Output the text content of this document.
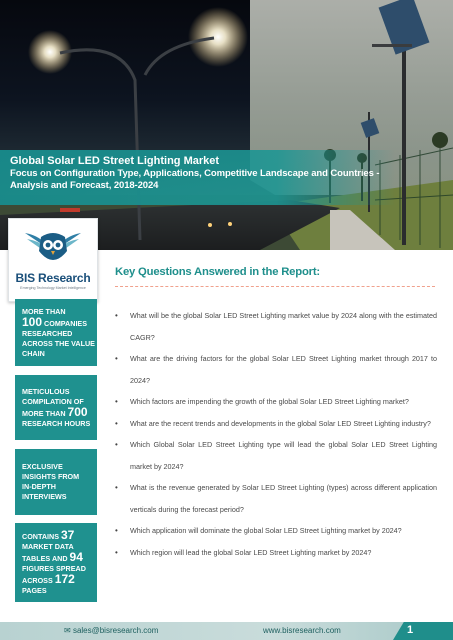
Global Solar LED Street Lighting Market
Focus on Configuration Type, Applications, Competitive Landscape and Countries -
Analysis and Forecast, 2018-2024
BIS Research
Emerging Technology Market Intelligence
MORE THAN
100 COMPANIES
RESEARCHED
ACROSS THE VALUE
CHAIN
METICULOUS
COMPILATION OF
MORE THAN 700
RESEARCH HOURS
EXCLUSIVE
INSIGHTS FROM
IN-DEPTH
INTERVIEWS
CONTAINS 37
MARKET DATA
TABLES AND 94
FIGURES SPREAD
ACROSS 172
PAGES
Key Questions Answered in the Report:
• What will be the global Solar LED Street Lighting market value by 2024 along with the estimated CAGR?
• What are the driving factors for the global Solar LED Street Lighting market through 2017 to 2024?
• Which factors are impending the growth of the global Solar LED Street Lighting market?
• What are the recent trends and developments in the global Solar LED Street Lighting industry?
• Which Global Solar LED Street Lighting type will lead the global Solar LED Street Lighting market by 2024?
• What is the revenue generated by Solar LED Street Lighting (types) across different application verticals during the forecast period?
• Which application will dominate the global Solar LED Street Lighting market by 2024?
• Which region will lead the global Solar LED Street Lighting market by 2024?
✉ sales@bisresearch.com	www.bisresearch.com	1
